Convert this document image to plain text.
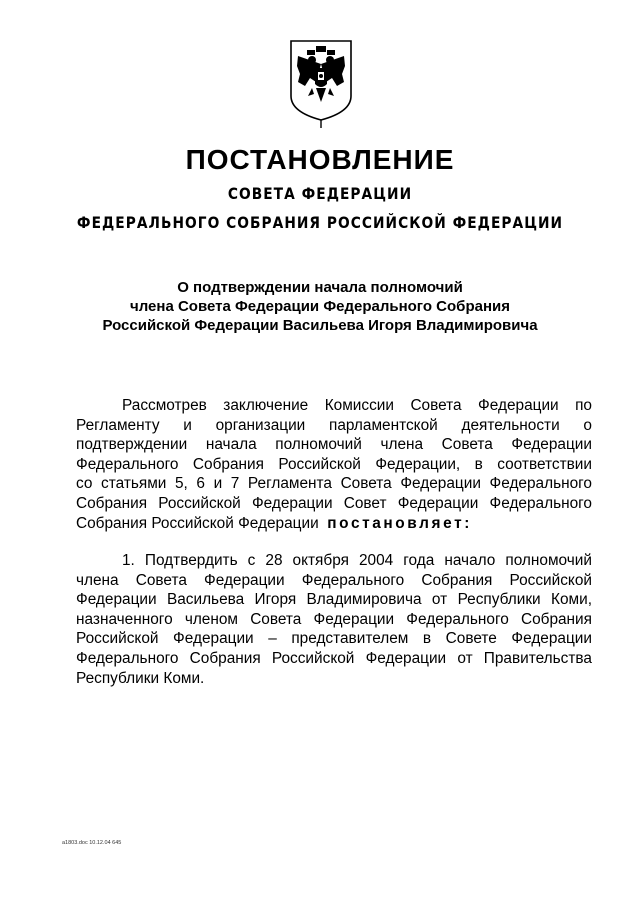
ПОСТАНОВЛЕНИЕ
СОВЕТА ФЕДЕРАЦИИ
ФЕДЕРАЛЬНОГО СОБРАНИЯ РОССИЙСКОЙ ФЕДЕРАЦИИ
О подтверждении начала полномочий
члена Совета Федерации Федерального Собрания
Российской Федерации Васильева Игоря Владимировича
Рассмотрев заключение Комиссии Совета Федерации по
Регламенту и организации парламентской деятельности о
подтверждении начала полномочий члена Совета Федерации
Федерального Собрания Российской Федерации, в соответствии
со статьями 5, 6 и 7 Регламента Совета Федерации Федерального
Собрания Российской Федерации Совет Федерации Федерального
Собрания Российской Федерации постановляет:
1. Подтвердить с 28 октября 2004 года начало полномочий
члена Совета Федерации Федерального Собрания Российской
Федерации Васильева Игоря Владимировича от Республики Коми,
назначенного членом Совета Федерации Федерального Собрания
Российской Федерации – представителем в Совете Федерации
Федерального Собрания Российской Федерации от Правительства
Республики Коми.
а1803.doc 10.12.04 645
